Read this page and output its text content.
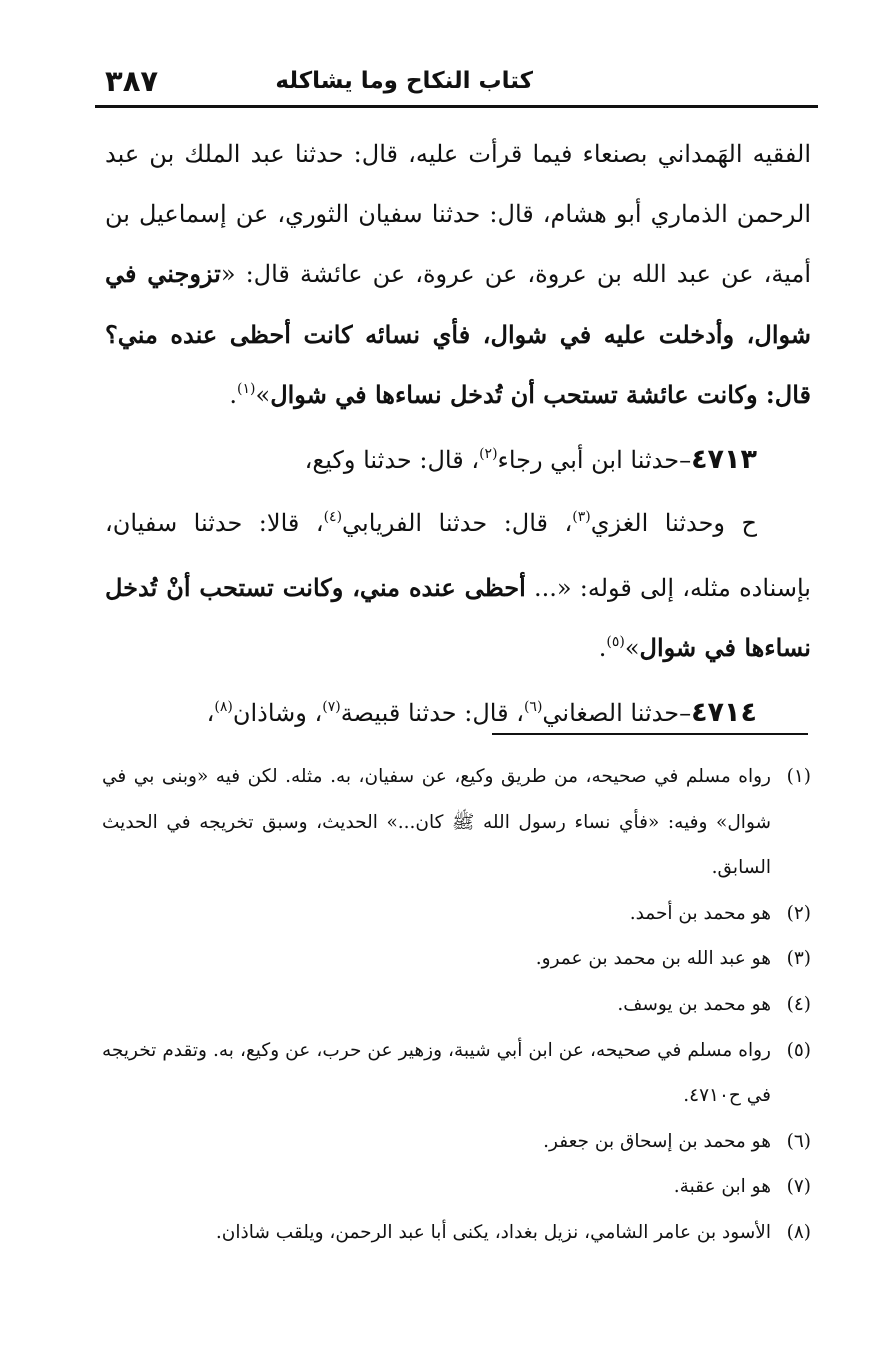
كتاب النكاح وما يشاكله
٣٨٧

الفقيه الهَمداني بصنعاء فيما قرأت عليه، قال: حدثنا عبد الملك بن عبد الرحمن الذماري أبو هشام، قال: حدثنا سفيان الثوري، عن إسماعيل بن أمية، عن عبد الله بن عروة، عن عروة، عن عائشة قال: «تزوجني في شوال، وأدخلت عليه في شوال، فأي نسائه كانت أحظى عنده مني؟ قال: وكانت عائشة تستحب أن تُدخل نساءها في شوال»$^{(١)}$.

٤٧١٣–حدثنا ابن أبي رجاء$^{(٢)}$، قال: حدثنا وكيع،

ح وحدثنا الغزي$^{(٣)}$، قال: حدثنا الفريابي$^{(٤)}$، قالا: حدثنا سفيان، بإسناده مثله، إلى قوله: «... أحظى عنده مني، وكانت تستحب أنْ تُدخل نساءها في شوال»$^{(٥)}$.

٤٧١٤–حدثنا الصغاني$^{(٦)}$، قال: حدثنا قبيصة$^{(٧)}$، وشاذان$^{(٨)}$،

(١)رواه مسلم في صحيحه، من طريق وكيع، عن سفيان، به. مثله. لكن فيه «وبنى بي في شوال» وفيه: «فأي نساء رسول الله ﷺ كان...» الحديث، وسبق تخريجه في الحديث السابق.

(٢)هو محمد بن أحمد.

(٣)هو عبد الله بن محمد بن عمرو.

(٤)هو محمد بن يوسف.

(٥)رواه مسلم في صحيحه، عن ابن أبي شيبة، وزهير عن حرب، عن وكيع، به. وتقدم تخريجه في ح٤٧١٠.

(٦)هو محمد بن إسحاق بن جعفر.

(٧)هو ابن عقبة.

(٨)الأسود بن عامر الشامي، نزيل بغداد، يكنى أبا عبد الرحمن، ويلقب شاذان.
